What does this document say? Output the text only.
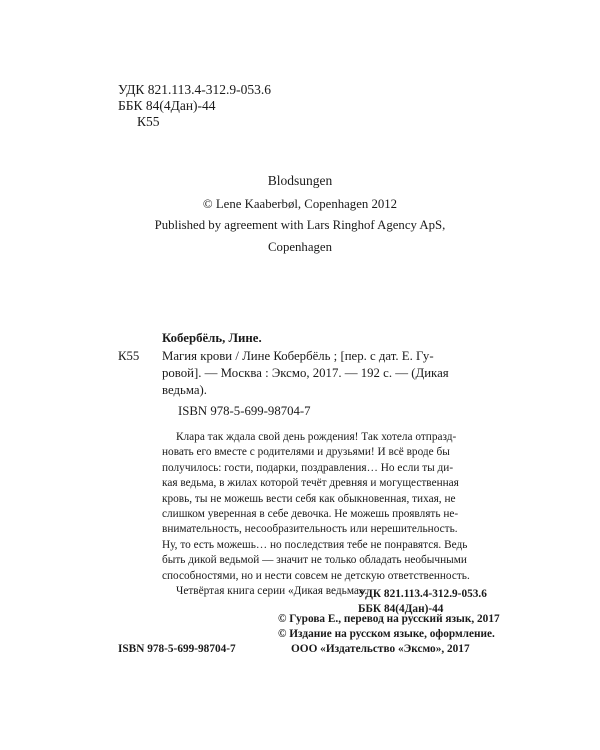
УДК 821.113.4-312.9-053.6

ББК 84(4Дан)-44

К55

Blodsungen

© Lene Kaaberbøl, Copenhagen 2012

Published by agreement with Lars Ringhof Agency ApS,

Copenhagen

Кобербёль, Лине.
К55 Магия крови / Лине Кобербёль ; [пер. с дат. Е. Гу-

ровой]. — Москва : Эксмо, 2017. — 192 с. — (Дикая

ведьма).

ISBN 978-5-699-98704-7

Клара так ждала свой день рождения! Так хотела отпразд-

новать его вместе с родителями и друзьями! И всё вроде бы

получилось: гости, подарки, поздравления… Но если ты ди-

кая ведьма, в жилах которой течёт древняя и могущественная

кровь, ты не можешь вести себя как обыкновенная, тихая, не

слишком уверенная в себе девочка. Не можешь проявлять не-

внимательность, несообразительность или нерешительность.

Ну, то есть можешь… но последствия тебе не понравятся. Ведь

быть дикой ведьмой — значит не только обладать необычными

способностями, но и нести совсем не детскую ответственность.

Четвёртая книга серии «Дикая ведьма».

УДК 821.113.4-312.9-053.6

ББК 84(4Дан)-44

ISBN 978-5-699-98704-7

© Гурова Е., перевод на русский язык, 2017

© Издание на русском языке, оформление.

ООО «Издательство «Эксмо», 2017
